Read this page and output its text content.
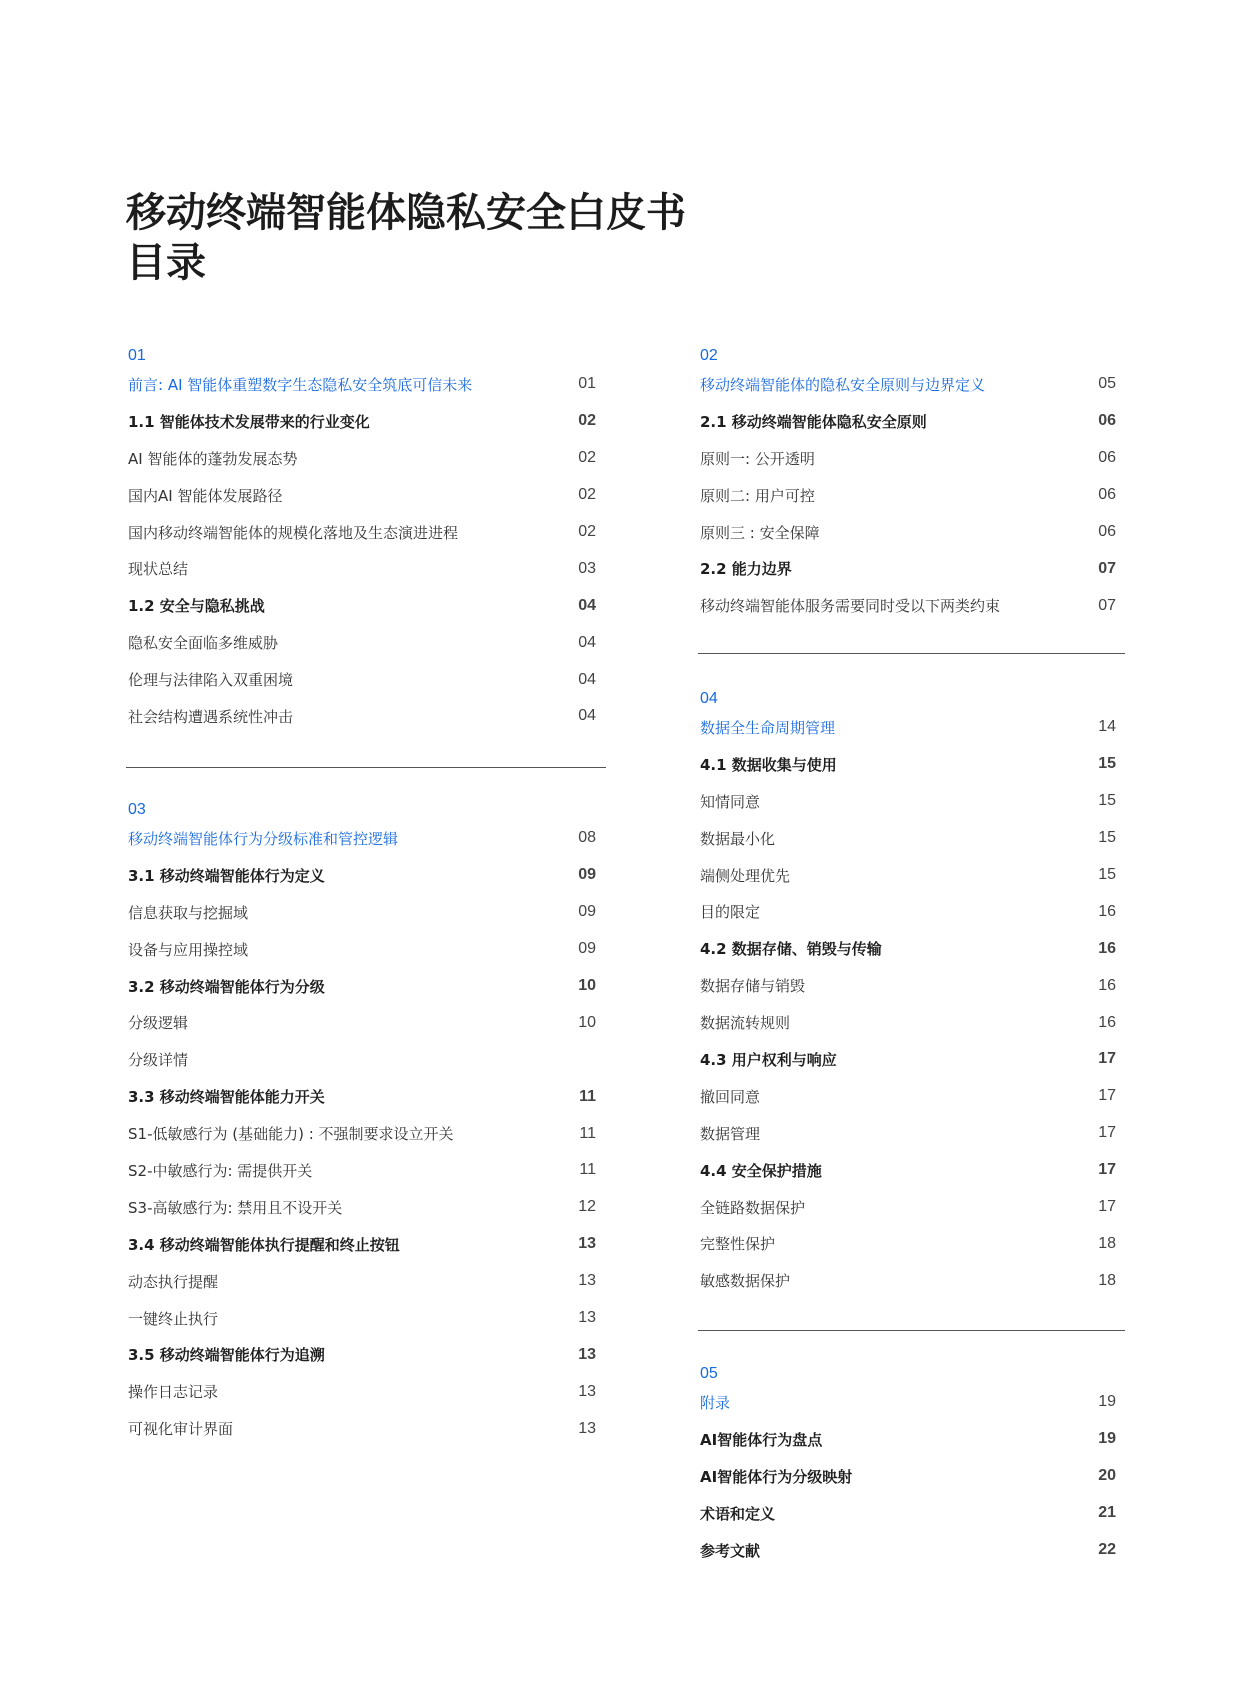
移动终端智能体隐私安全白皮书
目录
01
前言: AI 智能体重塑数字生态隐私安全筑底可信未来	01
1.1 智能体技术发展带来的行业变化	02
AI 智能体的蓬勃发展态势	02
国内AI 智能体发展路径	02
国内移动终端智能体的规模化落地及生态演进进程	02
现状总结	03
1.2 安全与隐私挑战	04
隐私安全面临多维威胁	04
伦理与法律陷入双重困境	04
社会结构遭遇系统性冲击	04
03
移动终端智能体行为分级标准和管控逻辑	08
3.1 移动终端智能体行为定义	09
信息获取与挖掘域	09
设备与应用操控域	09
3.2 移动终端智能体行为分级	10
分级逻辑	10
分级详情
3.3 移动终端智能体能力开关	11
S1-低敏感行为 (基础能力) : 不强制要求设立开关	11
S2-中敏感行为: 需提供开关	11
S3-高敏感行为: 禁用且不设开关	12
3.4 移动终端智能体执行提醒和终止按钮	13
动态执行提醒	13
一键终止执行	13
3.5 移动终端智能体行为追溯	13
操作日志记录	13
可视化审计界面	13
02
移动终端智能体的隐私安全原则与边界定义	05
2.1 移动终端智能体隐私安全原则	06
原则一: 公开透明	06
原则二: 用户可控	06
原则三 : 安全保障	06
2.2 能力边界	07
移动终端智能体服务需要同时受以下两类约束	07
04
数据全生命周期管理	14
4.1 数据收集与使用	15
知情同意	15
数据最小化	15
端侧处理优先	15
目的限定	16
4.2 数据存储、销毁与传输	16
数据存储与销毁	16
数据流转规则	16
4.3 用户权利与响应	17
撤回同意	17
数据管理	17
4.4 安全保护措施	17
全链路数据保护	17
完整性保护	18
敏感数据保护	18
05
附录	19
AI智能体行为盘点	19
AI智能体行为分级映射	20
术语和定义	21
参考文献	22
